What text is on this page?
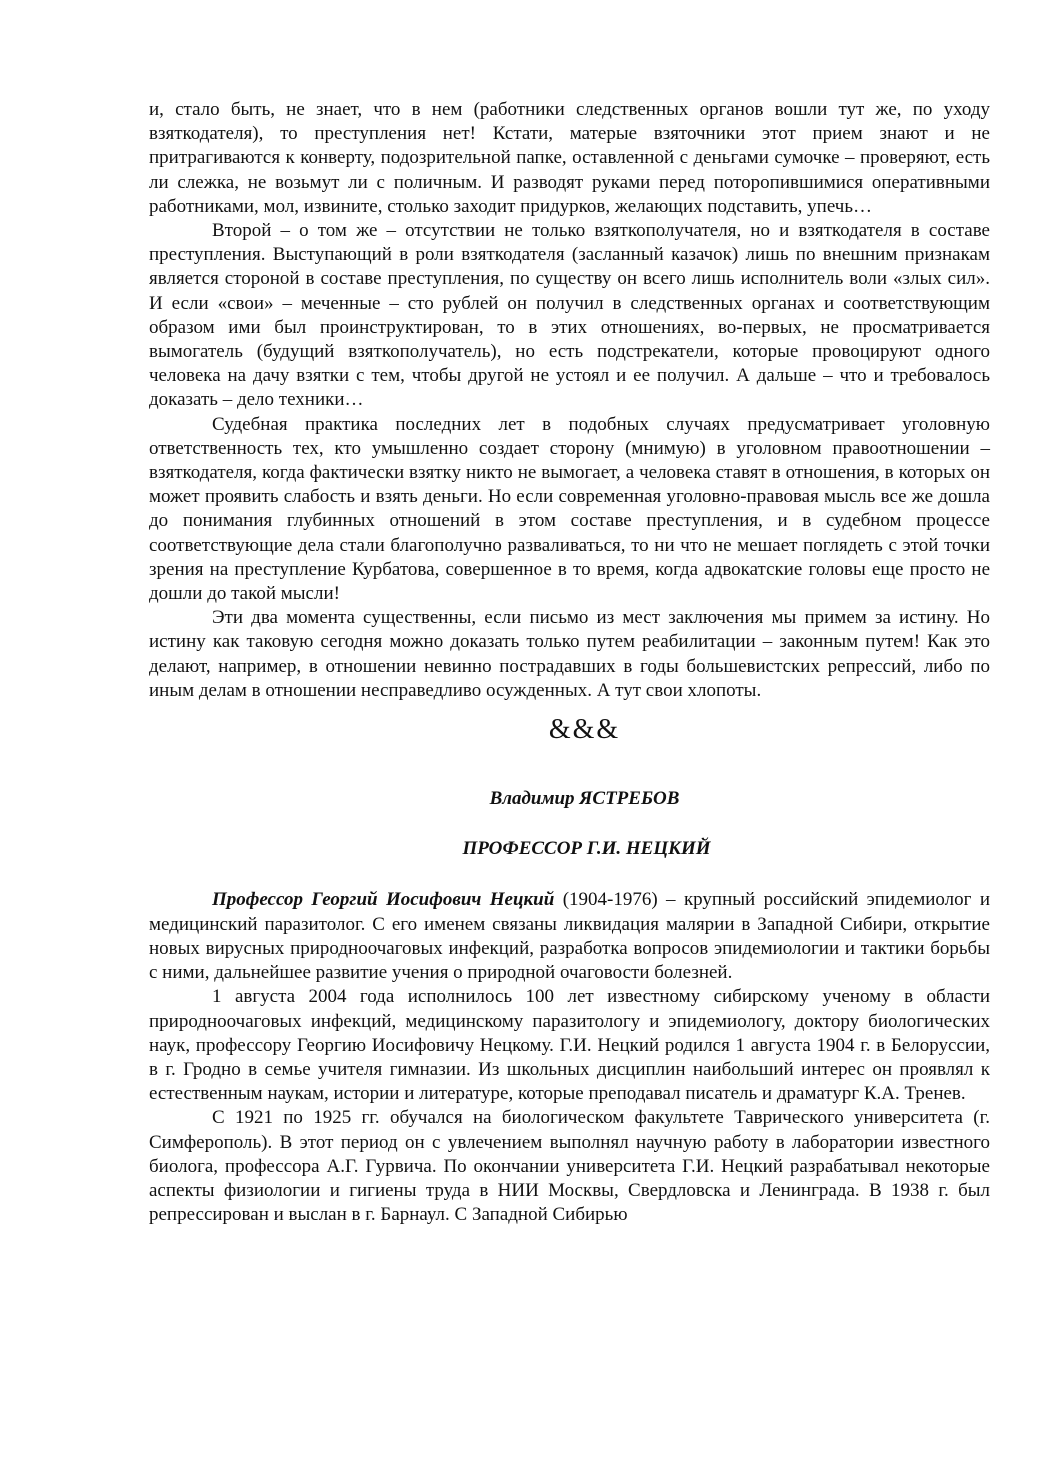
и, стало быть, не знает, что в нем (работники следственных органов вошли тут же, по уходу взяткодателя), то преступления нет! Кстати, матерые взяточники этот прием знают и не притрагиваются к конверту, подозрительной папке, оставленной с деньгами сумочке – проверяют, есть ли слежка, не возьмут ли с поличным. И разводят руками перед поторопившимися оперативными работниками, мол, извините, столько заходит придурков, желающих подставить, упечь…

Второй – о том же – отсутствии не только взяткополучателя, но и взяткодателя в составе преступления. Выступающий в роли взяткодателя (засланный казачок) лишь по внешним признакам является стороной в составе преступления, по существу он всего лишь исполнитель воли «злых сил». И если «свои» – меченные – сто рублей он получил в следственных органах и соответствующим образом ими был проинструктирован, то в этих отношениях, во-первых, не просматривается вымогатель (будущий взяткополучатель), но есть подстрекатели, которые провоцируют одного человека на дачу взятки с тем, чтобы другой не устоял и ее получил. А дальше – что и требовалось доказать – дело техники…

Судебная практика последних лет в подобных случаях предусматривает уголовную ответственность тех, кто умышленно создает сторону (мнимую) в уголовном правоотношении – взяткодателя, когда фактически взятку никто не вымогает, а человека ставят в отношения, в которых он может проявить слабость и взять деньги. Но если современная уголовно-правовая мысль все же дошла до понимания глубинных отношений в этом составе преступления, и в судебном процессе соответствующие дела стали благополучно разваливаться, то ни что не мешает поглядеть с этой точки зрения на преступление Курбатова, совершенное в то время, когда адвокатские головы еще просто не дошли до такой мысли!

Эти два момента существенны, если письмо из мест заключения мы примем за истину. Но истину как таковую сегодня можно доказать только путем реабилитации – законным путем! Как это делают, например, в отношении невинно пострадавших в годы большевистских репрессий, либо по иным делам в отношении несправедливо осужденных. А тут свои хлопоты.

&&&
Владимир ЯСТРЕБОВ
ПРОФЕССОР Г.И. НЕЦКИЙ

Профессор Георгий Иосифович Нецкий (1904-1976) – крупный российский эпидемиолог и медицинский паразитолог. С его именем связаны ликвидация малярии в Западной Сибири, открытие новых вирусных природноочаговых инфекций, разработка вопросов эпидемиологии и тактики борьбы с ними, дальнейшее развитие учения о природной очаговости болезней.

1 августа 2004 года исполнилось 100 лет известному сибирскому ученому в области природноочаговых инфекций, медицинскому паразитологу и эпидемиологу, доктору биологических наук, профессору Георгию Иосифовичу Нецкому. Г.И. Нецкий родился 1 августа 1904 г. в Белоруссии, в г. Гродно в семье учителя гимназии. Из школьных дисциплин наибольший интерес он проявлял к естественным наукам, истории и литературе, которые преподавал писатель и драматург К.А. Тренев.

С 1921 по 1925 гг. обучался на биологическом факультете Таврического университета (г. Симферополь). В этот период он с увлечением выполнял научную работу в лаборатории известного биолога, профессора А.Г. Гурвича. По окончании университета Г.И. Нецкий разрабатывал некоторые аспекты физиологии и гигиены труда в НИИ Москвы, Свердловска и Ленинграда. В 1938 г. был репрессирован и выслан в г. Барнаул. С Западной Сибирью
